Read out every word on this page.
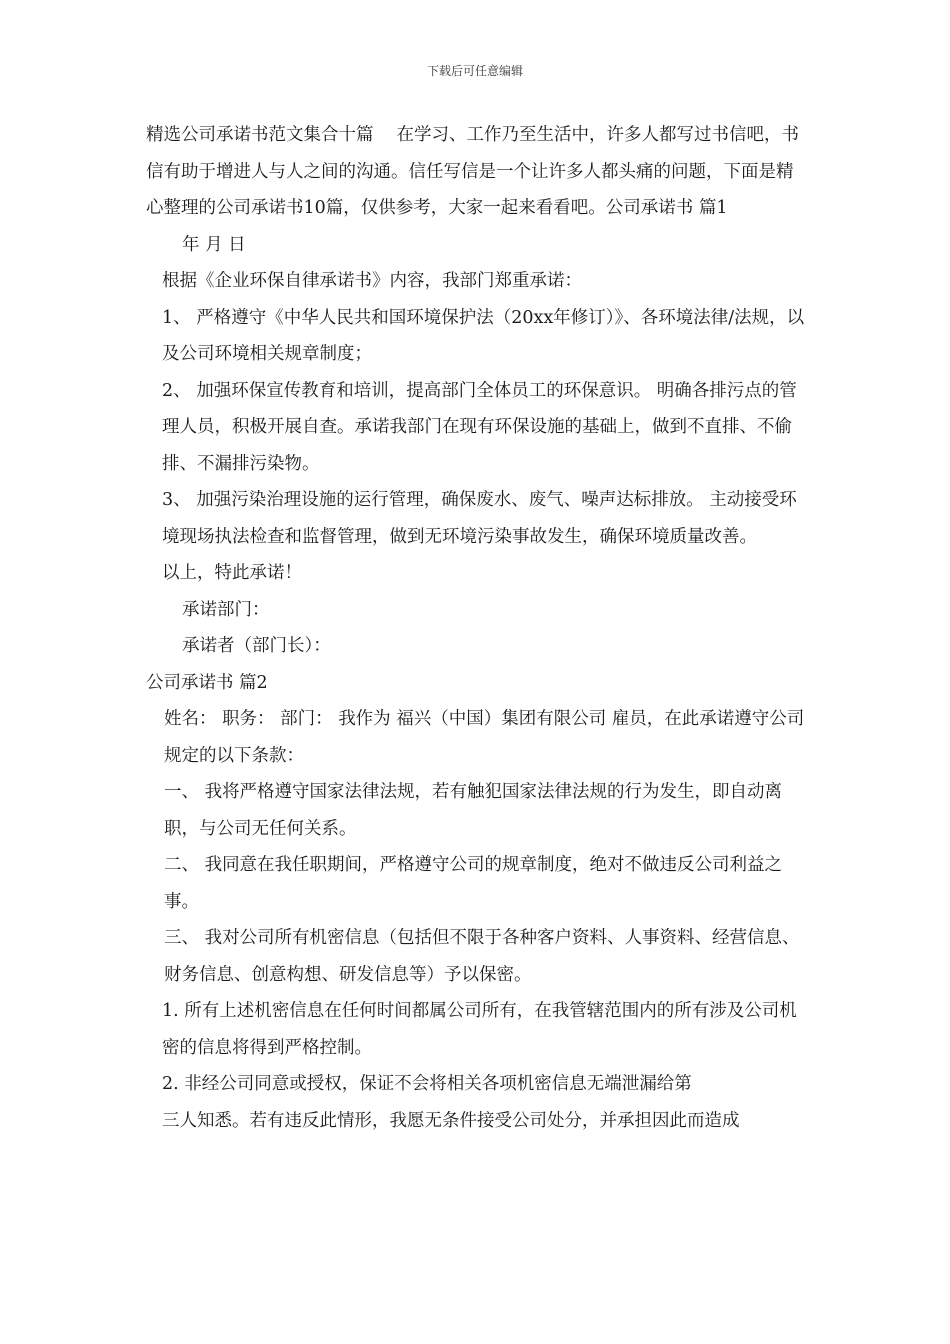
下载后可任意编辑

精选公司承诺书范文集合十篇　 在学习、工作乃至生活中，许多人都写过书信吧，书信有助于增进人与人之间的沟通。信任写信是一个让许多人都头痛的问题，下面是精心整理的公司承诺书10篇，仅供参考，大家一起来看看吧。公司承诺书 篇1

年 月 日

根据《企业环保自律承诺书》内容，我部门郑重承诺：

1、 严格遵守《中华人民共和国环境保护法（20xx年修订）》、各环境法律/法规，以及公司环境相关规章制度；

2、 加强环保宣传教育和培训，提高部门全体员工的环保意识。 明确各排污点的管理人员，积极开展自查。承诺我部门在现有环保设施的基础上，做到不直排、不偷排、不漏排污染物。

3、 加强污染治理设施的运行管理，确保废水、废气、噪声达标排放。 主动接受环境现场执法检查和监督管理，做到无环境污染事故发生，确保环境质量改善。

以上，特此承诺！

承诺部门：

承诺者（部门长）：

公司承诺书 篇2

姓名： 职务： 部门： 我作为 福兴（中国）集团有限公司 雇员，在此承诺遵守公司规定的以下条款：

一、 我将严格遵守国家法律法规，若有触犯国家法律法规的行为发生，即自动离职，与公司无任何关系。

二、 我同意在我任职期间，严格遵守公司的规章制度，绝对不做违反公司利益之事。

三、 我对公司所有机密信息（包括但不限于各种客户资料、人事资料、经营信息、财务信息、创意构想、研发信息等）予以保密。

1. 所有上述机密信息在任何时间都属公司所有，在我管辖范围内的所有涉及公司机密的信息将得到严格控制。

2. 非经公司同意或授权，保证不会将相关各项机密信息无端泄漏给第

三人知悉。若有违反此情形，我愿无条件接受公司处分，并承担因此而造成
